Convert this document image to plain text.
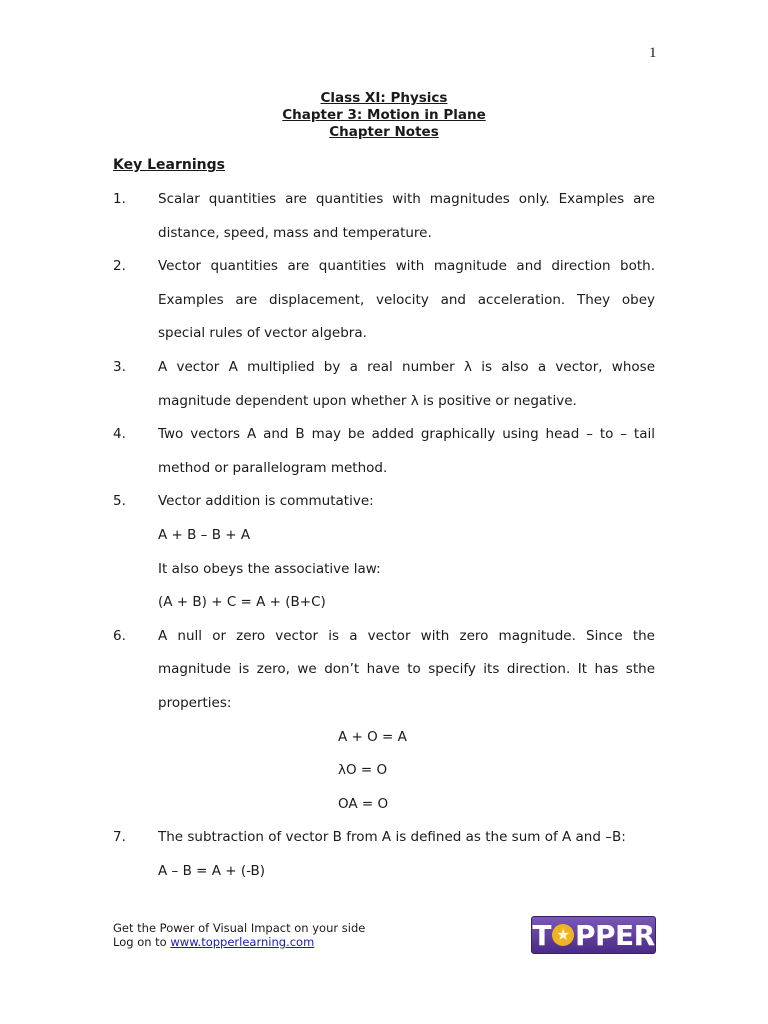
1
Class XI: Physics
Chapter 3: Motion in Plane
Chapter Notes
Key Learnings
1.	Scalar quantities are quantities with magnitudes only. Examples are
distance, speed, mass and temperature.
2.	Vector quantities are quantities with magnitude and direction both.
Examples are displacement, velocity and acceleration. They obey
special rules of vector algebra.
3.	A vector A multiplied by a real number λ is also a vector, whose
magnitude dependent upon whether λ is positive or negative.
4.	Two vectors A and B may be added graphically using head – to – tail
method or parallelogram method.
5.	Vector addition is commutative:
A + B – B + A
It also obeys the associative law:
(A + B) + C = A + (B+C)
6.	A null or zero vector is a vector with zero magnitude. Since the
magnitude is zero, we don’t have to specify its direction. It has sthe
properties:
A + O = A
λO = O
OA = O
7.	The subtraction of vector B from A is defined as the sum of A and –B:
A – B = A + (-B)
Get the Power of Visual Impact on your side
Log on to www.topperlearning.com	T ★ PPER
